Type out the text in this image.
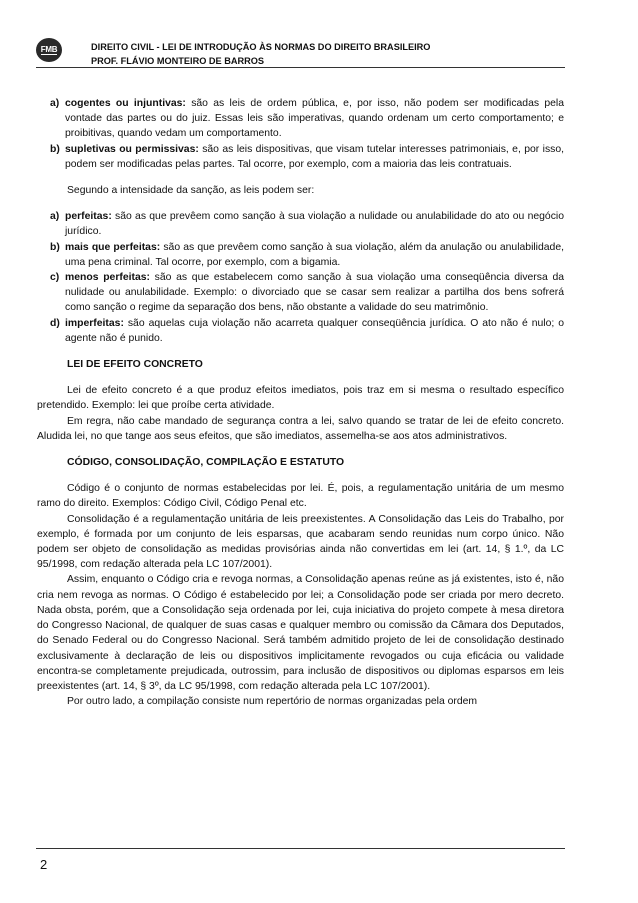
FMB	DIREITO CIVIL - LEI DE INTRODUÇÃO ÀS NORMAS DO DIREITO BRASILEIRO
PROF. FLÁVIO MONTEIRO DE BARROS
a) cogentes ou injuntivas: são as leis de ordem pública, e, por isso, não podem ser modificadas pela vontade das partes ou do juiz. Essas leis são imperativas, quando ordenam um certo comportamento; e proibitivas, quando vedam um comportamento.
b) supletivas ou permissivas: são as leis dispositivas, que visam tutelar interesses patrimoniais, e, por isso, podem ser modificadas pelas partes. Tal ocorre, por exemplo, com a maioria das leis contratuais.

Segundo a intensidade da sanção, as leis podem ser:

a) perfeitas: são as que prevêem como sanção à sua violação a nulidade ou anulabilidade do ato ou negócio jurídico.
b) mais que perfeitas: são as que prevêem como sanção à sua violação, além da anulação ou anulabilidade, uma pena criminal. Tal ocorre, por exemplo, com a bigamia.
c) menos perfeitas: são as que estabelecem como sanção à sua violação uma conseqüência diversa da nulidade ou anulabilidade. Exemplo: o divorciado que se casar sem realizar a partilha dos bens sofrerá como sanção o regime da separação dos bens, não obstante a validade do seu matrimônio.
d) imperfeitas: são aquelas cuja violação não acarreta qualquer conseqüência jurídica. O ato não é nulo; o agente não é punido.

LEI DE EFEITO CONCRETO

Lei de efeito concreto é a que produz efeitos imediatos, pois traz em si mesma o resultado específico pretendido. Exemplo: lei que proíbe certa atividade.

Em regra, não cabe mandado de segurança contra a lei, salvo quando se tratar de lei de efeito concreto. Aludida lei, no que tange aos seus efeitos, que são imediatos, assemelha-se aos atos administrativos.

CÓDIGO, CONSOLIDAÇÃO, COMPILAÇÃO E ESTATUTO

Código é o conjunto de normas estabelecidas por lei. É, pois, a regulamentação unitária de um mesmo ramo do direito. Exemplos: Código Civil, Código Penal etc.

Consolidação é a regulamentação unitária de leis preexistentes. A Consolidação das Leis do Trabalho, por exemplo, é formada por um conjunto de leis esparsas, que acabaram sendo reunidas num corpo único. Não podem ser objeto de consolidação as medidas provisórias ainda não convertidas em lei (art. 14, § 1.º, da LC 95/1998, com redação alterada pela LC 107/2001).

Assim, enquanto o Código cria e revoga normas, a Consolidação apenas reúne as já existentes, isto é, não cria nem revoga as normas. O Código é estabelecido por lei; a Consolidação pode ser criada por mero decreto. Nada obsta, porém, que a Consolidação seja ordenada por lei, cuja iniciativa do projeto compete à mesa diretora do Congresso Nacional, de qualquer de suas casas e qualquer membro ou comissão da Câmara dos Deputados, do Senado Federal ou do Congresso Nacional. Será também admitido projeto de lei de consolidação destinado exclusivamente à declaração de leis ou dispositivos implicitamente revogados ou cuja eficácia ou validade encontra-se completamente prejudicada, outrossim, para inclusão de dispositivos ou diplomas esparsos em leis preexistentes (art. 14, § 3º, da LC 95/1998, com redação alterada pela LC 107/2001).

Por outro lado, a compilação consiste num repertório de normas organizadas pela ordem

2
